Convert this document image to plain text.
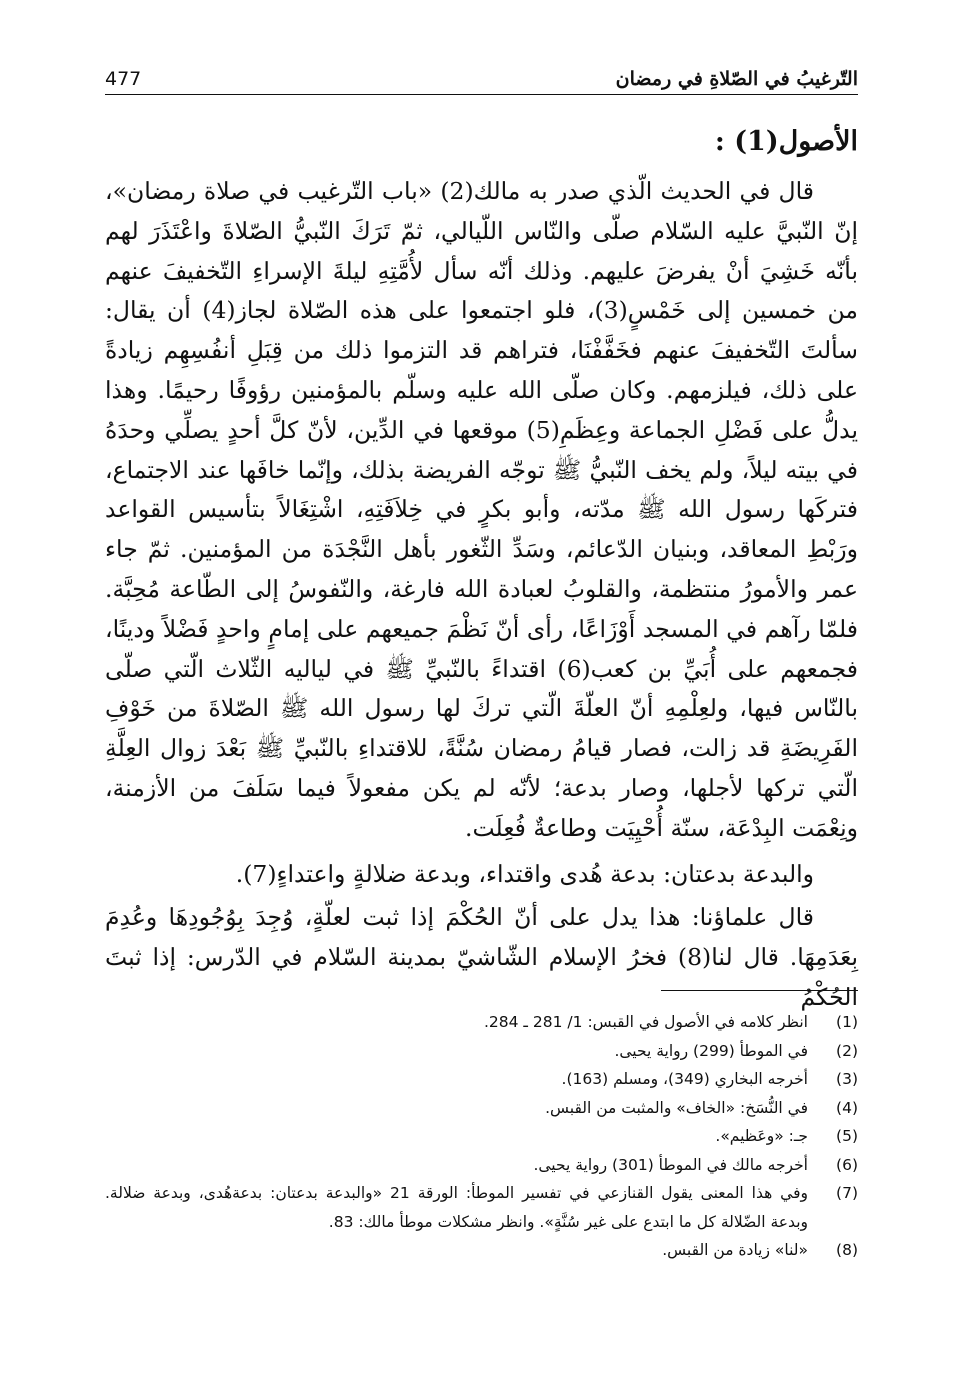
477	التّرغيبُ في الصّلاةِ في رمضان
الأصول(1) :

قال في الحديث الّذي صدر به مالك(2) «باب التّرغيب في صلاة رمضان»، إنّ النّبيَّ عليه السّلام صلّى والنّاس اللّيالي، ثمّ تَرَكَ النّبيُّ الصّلاةَ واعْتَذَرَ لهم بأنّه خَشِيَ أنْ يفرضَ عليهم. وذلك أنّه سأل لأُمَّتِهِ ليلةَ الإسراءِ التّخفيفَ عنهم من خمسين إلى خَمْسٍ(3)، فلو اجتمعوا على هذه الصّلاة لجاز(4) أن يقال: سألتَ التّخفيفَ عنهم فخَفَّفْنَا، فتراهم قد التزموا ذلك من قِبَلِ أنفُسِهِم زيادةً على ذلك، فيلزمهم. وكان صلّى الله عليه وسلّم بالمؤمنين رؤوفًا رحيمًا. وهذا يدلُّ على فَضْلِ الجماعة وعِظَمِ(5) موقعها في الدِّين، لأنّ كلَّ أحدٍ يصلِّي وحدَهُ في بيته ليلاً، ولم يخف النّبيُّ ﷺ توجّه الفريضة بذلك، وإنّما خافَها عند الاجتماع، فتركَها رسول الله ﷺ مدّته، وأبو بكرٍ في خِلاَفَتِهِ، اشْتِغَالاً بتأسيس القواعد ورَبْطِ المعاقد، وبنيان الدّعائم، وسَدِّ الثّغور بأهل النَّجْدَة من المؤمنين. ثمّ جاء عمر والأمورُ منتظمة، والقلوبُ لعبادة الله فارغة، والنّفوسُ إلى الطّاعة مُحِبَّة. فلمّا رآهم في المسجد أَوْزَاعًا، رأى أنّ نَظْمَ جميعهم على إمامٍ واحدٍ فَضْلاً ودينًا، فجمعهم على أُبَيِّ بن كعب(6) اقتداءً بالنّبيِّ ﷺ في لياليه الثّلاث الّتي صلّى بالنّاس فيها، ولعِلْمِهِ أنّ العلّةَ الّتي تركَ لها رسول الله ﷺ الصّلاةَ من خَوْفِ الفَرِيضَةِ قد زالت، فصار قيامُ رمضان سُنَّةً، للاقتداءِ بالنّبيِّ ﷺ بَعْدَ زوال العِلَّةِ الّتي تركها لأجلها، وصار بدعة؛ لأنّه لم يكن مفعولاً فيما سَلَفَ من الأزمنة، ونِعْمَت البِدْعَة، سنّة أُحْيِيَت وطاعةٌ فُعِلَت.

والبدعة بدعتان: بدعة هُدى واقتداء، وبدعة ضلالةٍ واعتداءٍ(7).

قال علماؤنا: هذا يدل على أنّ الحُكْمَ إذا ثبت لعلّةٍ، وُجِدَ بِوُجُودِهَا وعُدِمَ بِعَدَمِهَا. قال لنا(8) فخرُ الإسلام الشّاشيّ بمدينة السّلام في الدّرس: إذا ثبتَ الحُكْمُ

(1)
انظر كلامه في الأصول في القبس: 1/ 281 ـ 284.
(2)
في الموطأ (299) رواية يحيى.
(3)
أخرجه البخاري (349)، ومسلم (163).
(4)
في النُّسَخ: «الخاف» والمثبت من القبس.
(5)
جـ: «وعَظيم».
(6)
أخرجه مالك في الموطأ (301) رواية يحيى.
(7)
وفي هذا المعنى يقول القنازعي في تفسير الموطأ: الورقة 21 «والبدعة بدعتان: بدعةهُدى، وبدعة ضلالة. وبدعة الضّلالة كل ما ابتدع على غير سُنَّةٍ». وانظر مشكلات موطأ مالك: 83.
(8)
«لنا» زيادة من القبس.
